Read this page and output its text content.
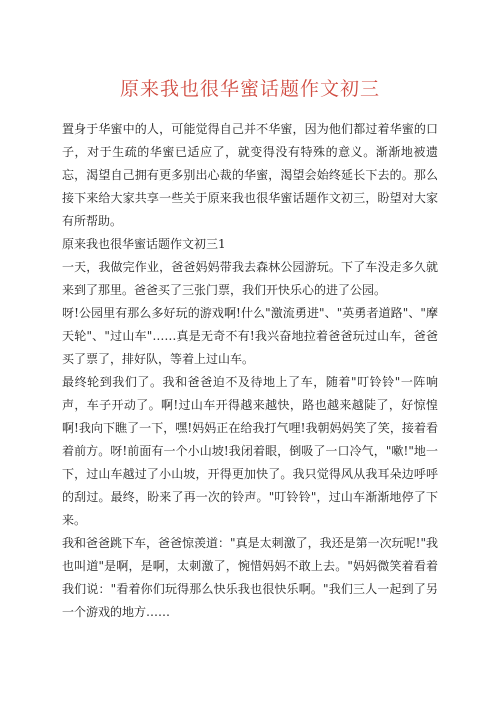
原来我也很华蜜话题作文初三

置身于华蜜中的人，可能觉得自己并不华蜜，因为他们都过着华蜜的口子，对于生疏的华蜜已适应了，就变得没有特殊的意义。渐渐地被遗忘，渴望自己拥有更多别出心裁的华蜜，渴望会始终延长下去的。那么接下来给大家共享一些关于原来我也很华蜜话题作文初三，盼望对大家有所帮助。

原来我也很华蜜话题作文初三1

一天，我做完作业，爸爸妈妈带我去森林公园游玩。下了车没走多久就来到了那里。爸爸买了三张门票，我们开快乐心的进了公园。

呀!公园里有那么多好玩的游戏啊!什么"激流勇进"、"英勇者道路"、"摩天轮"、"过山车"……真是无奇不有!我兴奋地拉着爸爸玩过山车，爸爸买了票了，排好队，等着上过山车。

最终轮到我们了。我和爸爸迫不及待地上了车，随着"叮铃铃"一阵响声，车子开动了。啊!过山车开得越来越快，路也越来越陡了，好惊惶啊!我向下瞧了一下，嘿!妈妈正在给我打气哩!我朝妈妈笑了笑，接着看着前方。呀!前面有一个小山坡!我闭着眼，倒吸了一口冷气，"嗽!"地一下，过山车越过了小山坡，开得更加快了。我只觉得风从我耳朵边呼呼的刮过。最终，盼来了再一次的铃声。"叮铃铃"，过山车渐渐地停了下来。

我和爸爸跳下车，爸爸惊羡道："真是太刺激了，我还是第一次玩呢!"我也叫道"是啊，是啊，太刺激了，惋惜妈妈不敢上去。"妈妈微笑着看着我们说："看着你们玩得那么快乐我也很快乐啊。"我们三人一起到了另一个游戏的地方……
